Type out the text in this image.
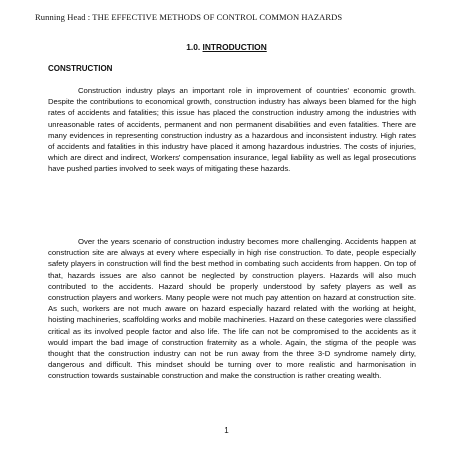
Running Head : THE EFFECTIVE METHODS OF CONTROL COMMON HAZARDS
1.0. INTRODUCTION
CONSTRUCTION

Construction industry plays an important role in improvement of countries' economic growth. Despite the contributions to economical growth, construction industry has always been blamed for the high rates of accidents and fatalities; this issue has placed the construction industry among the industries with unreasonable rates of accidents, permanent and non permanent disabilities and even fatalities. There are many evidences in representing construction industry as a hazardous and inconsistent industry. High rates of accidents and fatalities in this industry have placed it among hazardous industries. The costs of injuries, which are direct and indirect, Workers' compensation insurance, legal liability as well as legal prosecutions have pushed parties involved to seek ways of mitigating these hazards.

Over the years scenario of construction industry becomes more challenging. Accidents happen at construction site are always at every where especially in high rise construction. To date, people especially safety players in construction will find the best method in combating such accidents from happen. On top of that, hazards issues are also cannot be neglected by construction players. Hazards will also much contributed to the accidents. Hazard should be properly understood by safety players as well as construction players and workers. Many people were not much pay attention on hazard at construction site. As such, workers are not much aware on hazard especially hazard related with the working at height, hoisting machineries, scaffolding works and mobile machineries. Hazard on these categories were classified critical as its involved people factor and also life. The life can not be compromised to the accidents as it would impart the bad image of construction fraternity as a whole. Again, the stigma of the people was thought that the construction industry can not be run away from the three 3-D syndrome namely dirty, dangerous and difficult. This mindset should be turning over to more realistic and harmonisation in construction towards sustainable construction and make the construction is rather creating wealth.

1
